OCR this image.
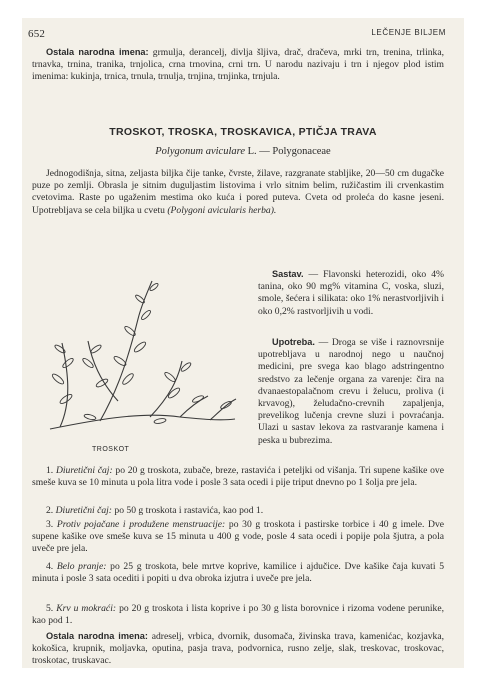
652	LEČENJE BILJEM

Ostala narodna imena: grmulja, derancelj, divlja šljiva, drač, dračeva, mrki trn, trenina, trlinka, trnavka, trnina, tranika, trnjolica, crna trnovina, crni trn. U narodu nazivaju i trn i njegov plod istim imenima: kukinja, trnica, trnula, trnulja, trnjina, trnjinka, trnjula.

TROSKOT, TROSKA, TROSKAVICA, PTIČJA TRAVA
Polygonum aviculare L. — Polygonaceae

Jednogodišnja, sitna, zeljasta biljka čije tanke, čvrste, žilave, razgranate stabljike, 20—50 cm dugačke puze po zemlji. Obrasla je sitnim duguljastim listovima i vrlo sitnim belim, ružičastim ili crvenkastim cvetovima. Raste po ugaženim mestima oko kuća i pored puteva. Cveta od proleća do kasne jeseni. Upotrebljava se cela biljka u cvetu (Polygoni avicularis herba).

TROSKOT

Sastav. — Flavonski heterozidi, oko 4% tanina, oko 90 mg% vitamina C, voska, sluzi, smole, šećera i silikata: oko 1% nerastvorljivih i oko 0,2% rastvorljivih u vodi.

Upotreba. — Droga se više i raznovrsnije upotrebljava u narodnoj nego u naučnoj medicini, pre svega kao blago adstringentno sredstvo za lečenje organa za varenje: čira na dvanaestopalačnom crevu i želucu, proliva (i krvavog), želudačno-crevnih zapaljenja, prevelikog lučenja crevne sluzi i povraćanja. Ulazi u sastav lekova za rastvaranje kamena i peska u bubrezima.

1. Diuretični čaj: po 20 g troskota, zubače, breze, rastavića i peteljki od višanja. Tri supene kašike ove smeše kuva se 10 minuta u pola litra vode i posle 3 sata ocedi i pije triput dnevno po 1 šolja pre jela.
2. Diuretični čaj: po 50 g troskota i rastavića, kao pod 1.
3. Protiv pojačane i produžene menstruacije: po 30 g troskota i pastirske torbice i 40 g imele. Dve supene kašike ove smeše kuva se 15 minuta u 400 g vode, posle 4 sata ocedi i popije pola šjutra, a pola uveče pre jela.
4. Belo pranje: po 25 g troskota, bele mrtve koprive, kamilice i ajdučice. Dve kašike čaja kuvati 5 minuta i posle 3 sata ocediti i popiti u dva obroka izjutra i uveče pre jela.
5. Krv u mokraći: po 20 g troskota i lista koprive i po 30 g lista borovnice i rizoma vodene perunike, kao pod 1.

Ostala narodna imena: adreselj, vrbica, dvornik, dusomača, živinska trava, kamenićac, kozjavka, kokošica, krupnik, moljavka, oputina, pasja trava, podvornica, rusno zelje, slak, treskovac, troskovac, troskotac, truskavac.
